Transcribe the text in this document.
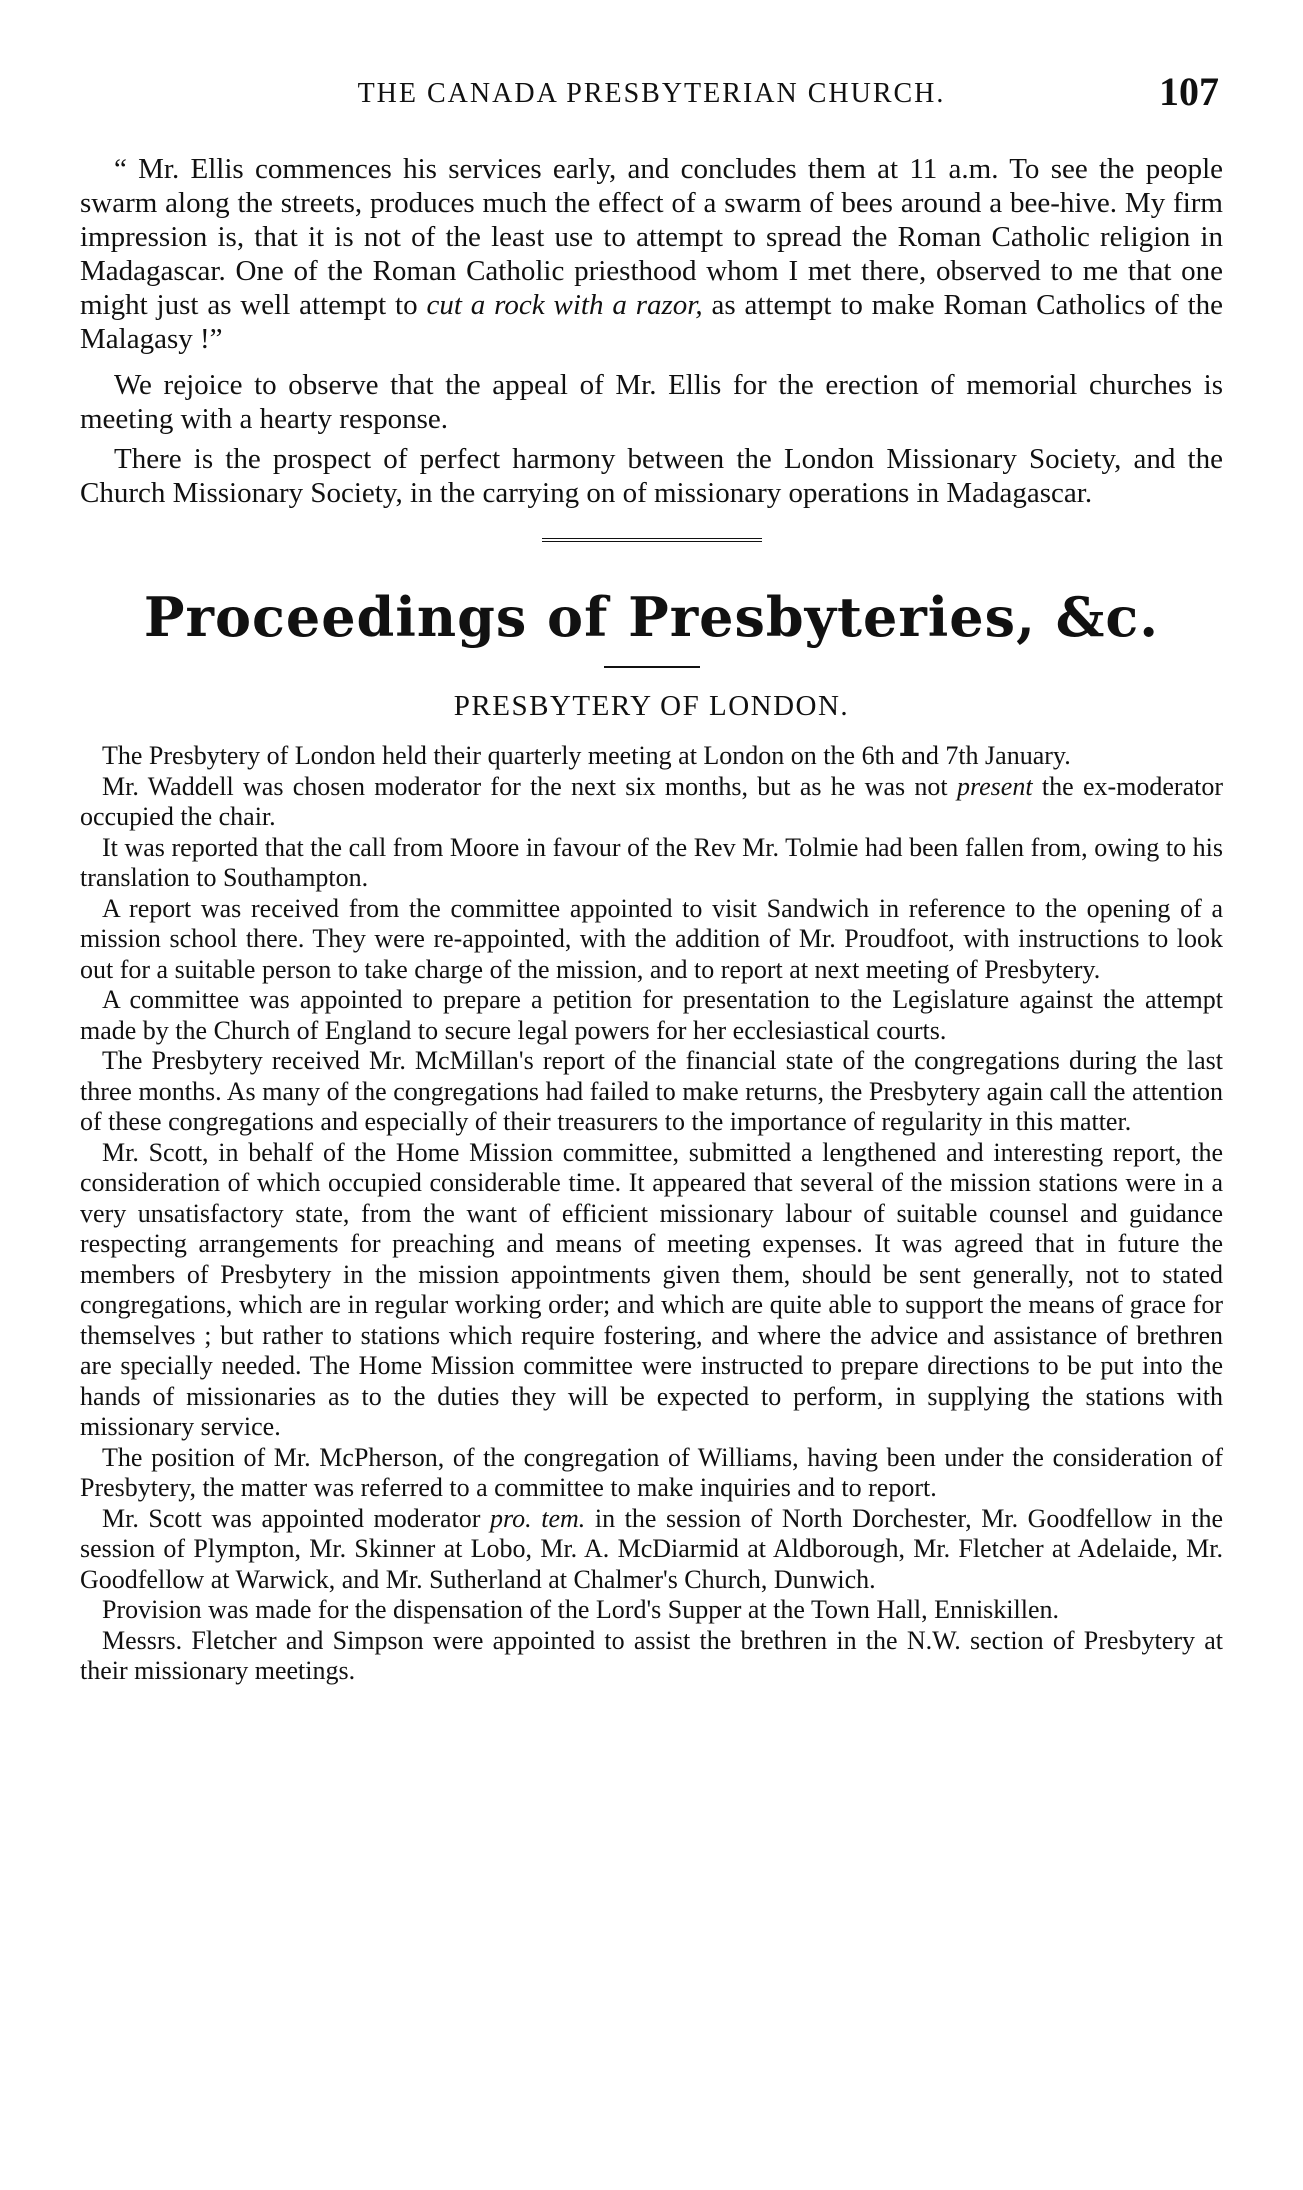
THE CANADA PRESBYTERIAN CHURCH.	107

“ Mr. Ellis commences his services early, and concludes them at 11 a.m. To see the people swarm along the streets, produces much the effect of a swarm of bees around a bee-hive. My firm impression is, that it is not of the least use to attempt to spread the Roman Catholic religion in Madagascar. One of the Roman Catholic priesthood whom I met there, observed to me that one might just as well attempt to cut a rock with a razor, as attempt to make Roman Catholics of the Malagasy !”

We rejoice to observe that the appeal of Mr. Ellis for the erection of memorial churches is meeting with a hearty response.

There is the prospect of perfect harmony between the London Missionary Society, and the Church Missionary Society, in the carrying on of missionary operations in Madagascar.

Proceedings of Presbyteries, &c.
PRESBYTERY OF LONDON.

The Presbytery of London held their quarterly meeting at London on the 6th and 7th January.

Mr. Waddell was chosen moderator for the next six months, but as he was not present the ex-moderator occupied the chair.

It was reported that the call from Moore in favour of the Rev Mr. Tolmie had been fallen from, owing to his translation to Southampton.

A report was received from the committee appointed to visit Sandwich in reference to the opening of a mission school there. They were re-appointed, with the addition of Mr. Proudfoot, with instructions to look out for a suitable person to take charge of the mission, and to report at next meeting of Presbytery.

A committee was appointed to prepare a petition for presentation to the Legislature against the attempt made by the Church of England to secure legal powers for her ecclesiastical courts.

The Presbytery received Mr. McMillan's report of the financial state of the congregations during the last three months. As many of the congregations had failed to make returns, the Presbytery again call the attention of these congregations and especially of their treasurers to the importance of regularity in this matter.

Mr. Scott, in behalf of the Home Mission committee, submitted a lengthened and interesting report, the consideration of which occupied considerable time. It appeared that several of the mission stations were in a very unsatisfactory state, from the want of efficient missionary labour of suitable counsel and guidance respecting arrangements for preaching and means of meeting expenses. It was agreed that in future the members of Presbytery in the mission appointments given them, should be sent generally, not to stated congregations, which are in regular working order; and which are quite able to support the means of grace for themselves ; but rather to stations which require fostering, and where the advice and assistance of brethren are specially needed. The Home Mission committee were instructed to prepare directions to be put into the hands of missionaries as to the duties they will be expected to perform, in supplying the stations with missionary service.

The position of Mr. McPherson, of the congregation of Williams, having been under the consideration of Presbytery, the matter was referred to a committee to make inquiries and to report.

Mr. Scott was appointed moderator pro. tem. in the session of North Dorchester, Mr. Goodfellow in the session of Plympton, Mr. Skinner at Lobo, Mr. A. McDiarmid at Aldborough, Mr. Fletcher at Adelaide, Mr. Goodfellow at Warwick, and Mr. Sutherland at Chalmer's Church, Dunwich.

Provision was made for the dispensation of the Lord's Supper at the Town Hall, Enniskillen.

Messrs. Fletcher and Simpson were appointed to assist the brethren in the N.W. section of Presbytery at their missionary meetings.
